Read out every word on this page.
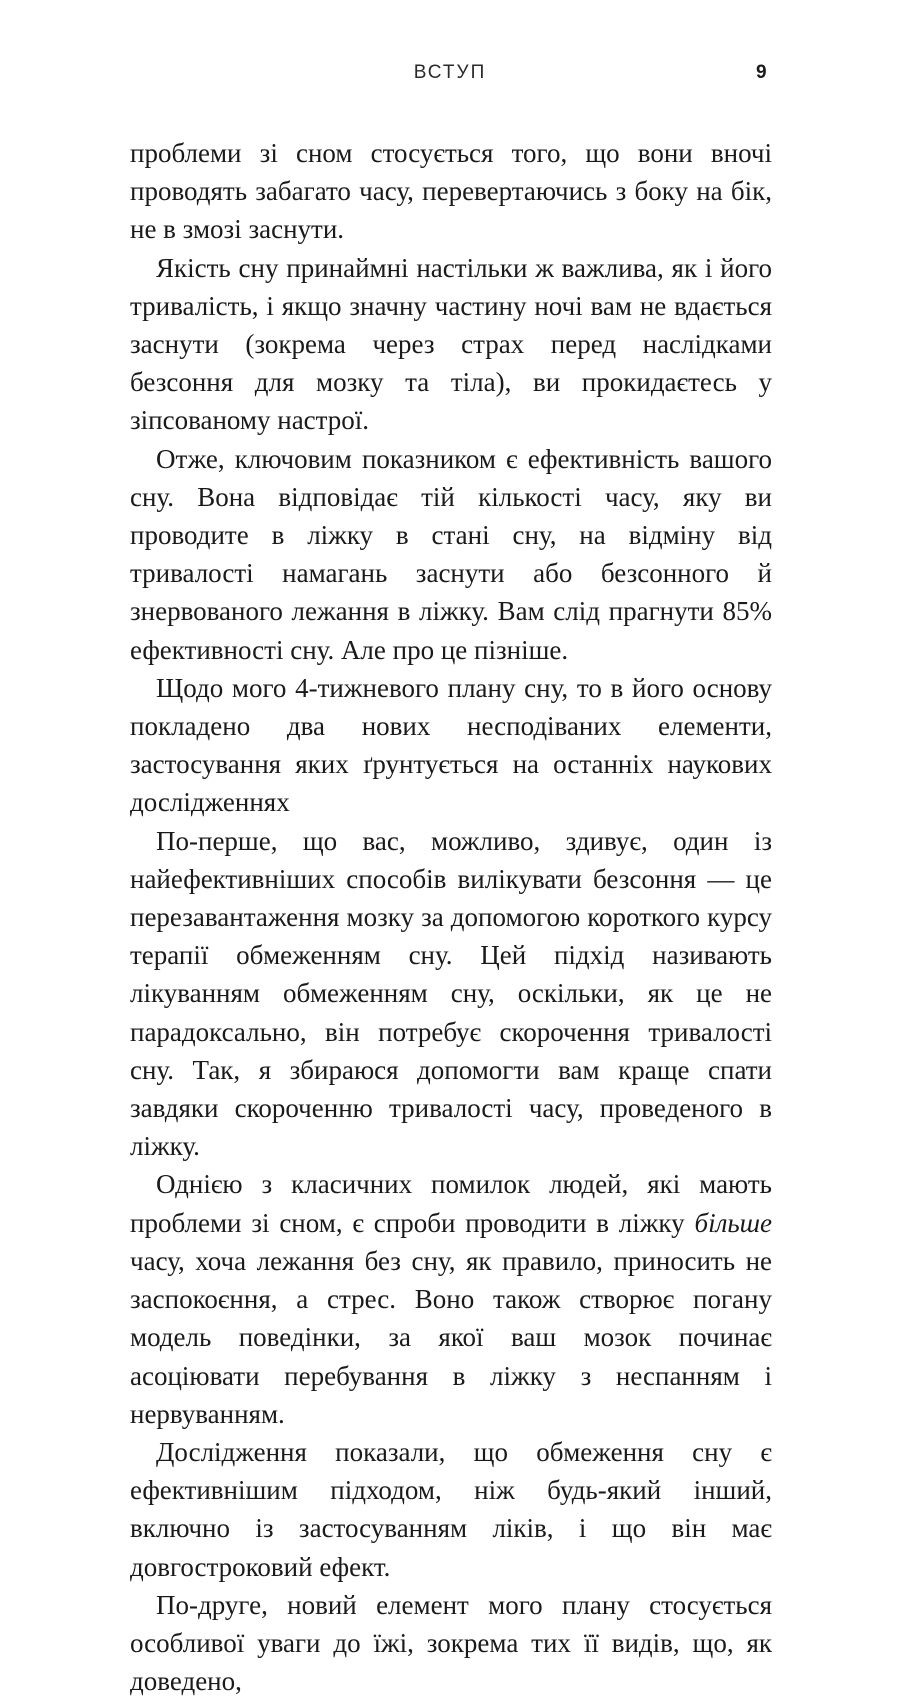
ВСТУП	9

проблеми зі сном стосується того, що вони вночі проводять забагато часу, перевертаючись з боку на бік, не в змозі заснути.

Якість сну принаймні настільки ж важлива, як і його тривалість, і якщо значну частину ночі вам не вдається заснути (зокрема через страх перед наслідками безсоння для мозку та тіла), ви прокидаєтесь у зіпсованому настрої.

Отже, ключовим показником є ефективність вашого сну. Вона відповідає тій кількості часу, яку ви проводите в ліжку в стані сну, на відміну від тривалості намагань заснути або безсонного й знервованого лежання в ліжку. Вам слід прагнути 85% ефективності сну. Але про це пізніше.

Щодо мого 4-тижневого плану сну, то в його основу покладено два нових несподіваних елементи, застосування яких ґрунтується на останніх наукових дослідженнях

По-перше, що вас, можливо, здивує, один із найефективніших способів вилікувати безсоння — це перезавантаження мозку за допомогою короткого курсу терапії обмеженням сну. Цей підхід називають лікуванням обмеженням сну, оскільки, як це не парадоксально, він потребує скорочення тривалості сну. Так, я збираюся допомогти вам краще спати завдяки скороченню тривалості часу, проведеного в ліжку.

Однією з класичних помилок людей, які мають проблеми зі сном, є спроби проводити в ліжку більше часу, хоча лежання без сну, як правило, приносить не заспокоєння, а стрес. Воно також створює погану модель поведінки, за якої ваш мозок починає асоціювати перебування в ліжку з неспанням і нервуванням.

Дослідження показали, що обмеження сну є ефективнішим підходом, ніж будь-який інший, включно із застосуванням ліків, і що він має довгостроковий ефект.

По-друге, новий елемент мого плану стосується особливої уваги до їжі, зокрема тих її видів, що, як доведено,
